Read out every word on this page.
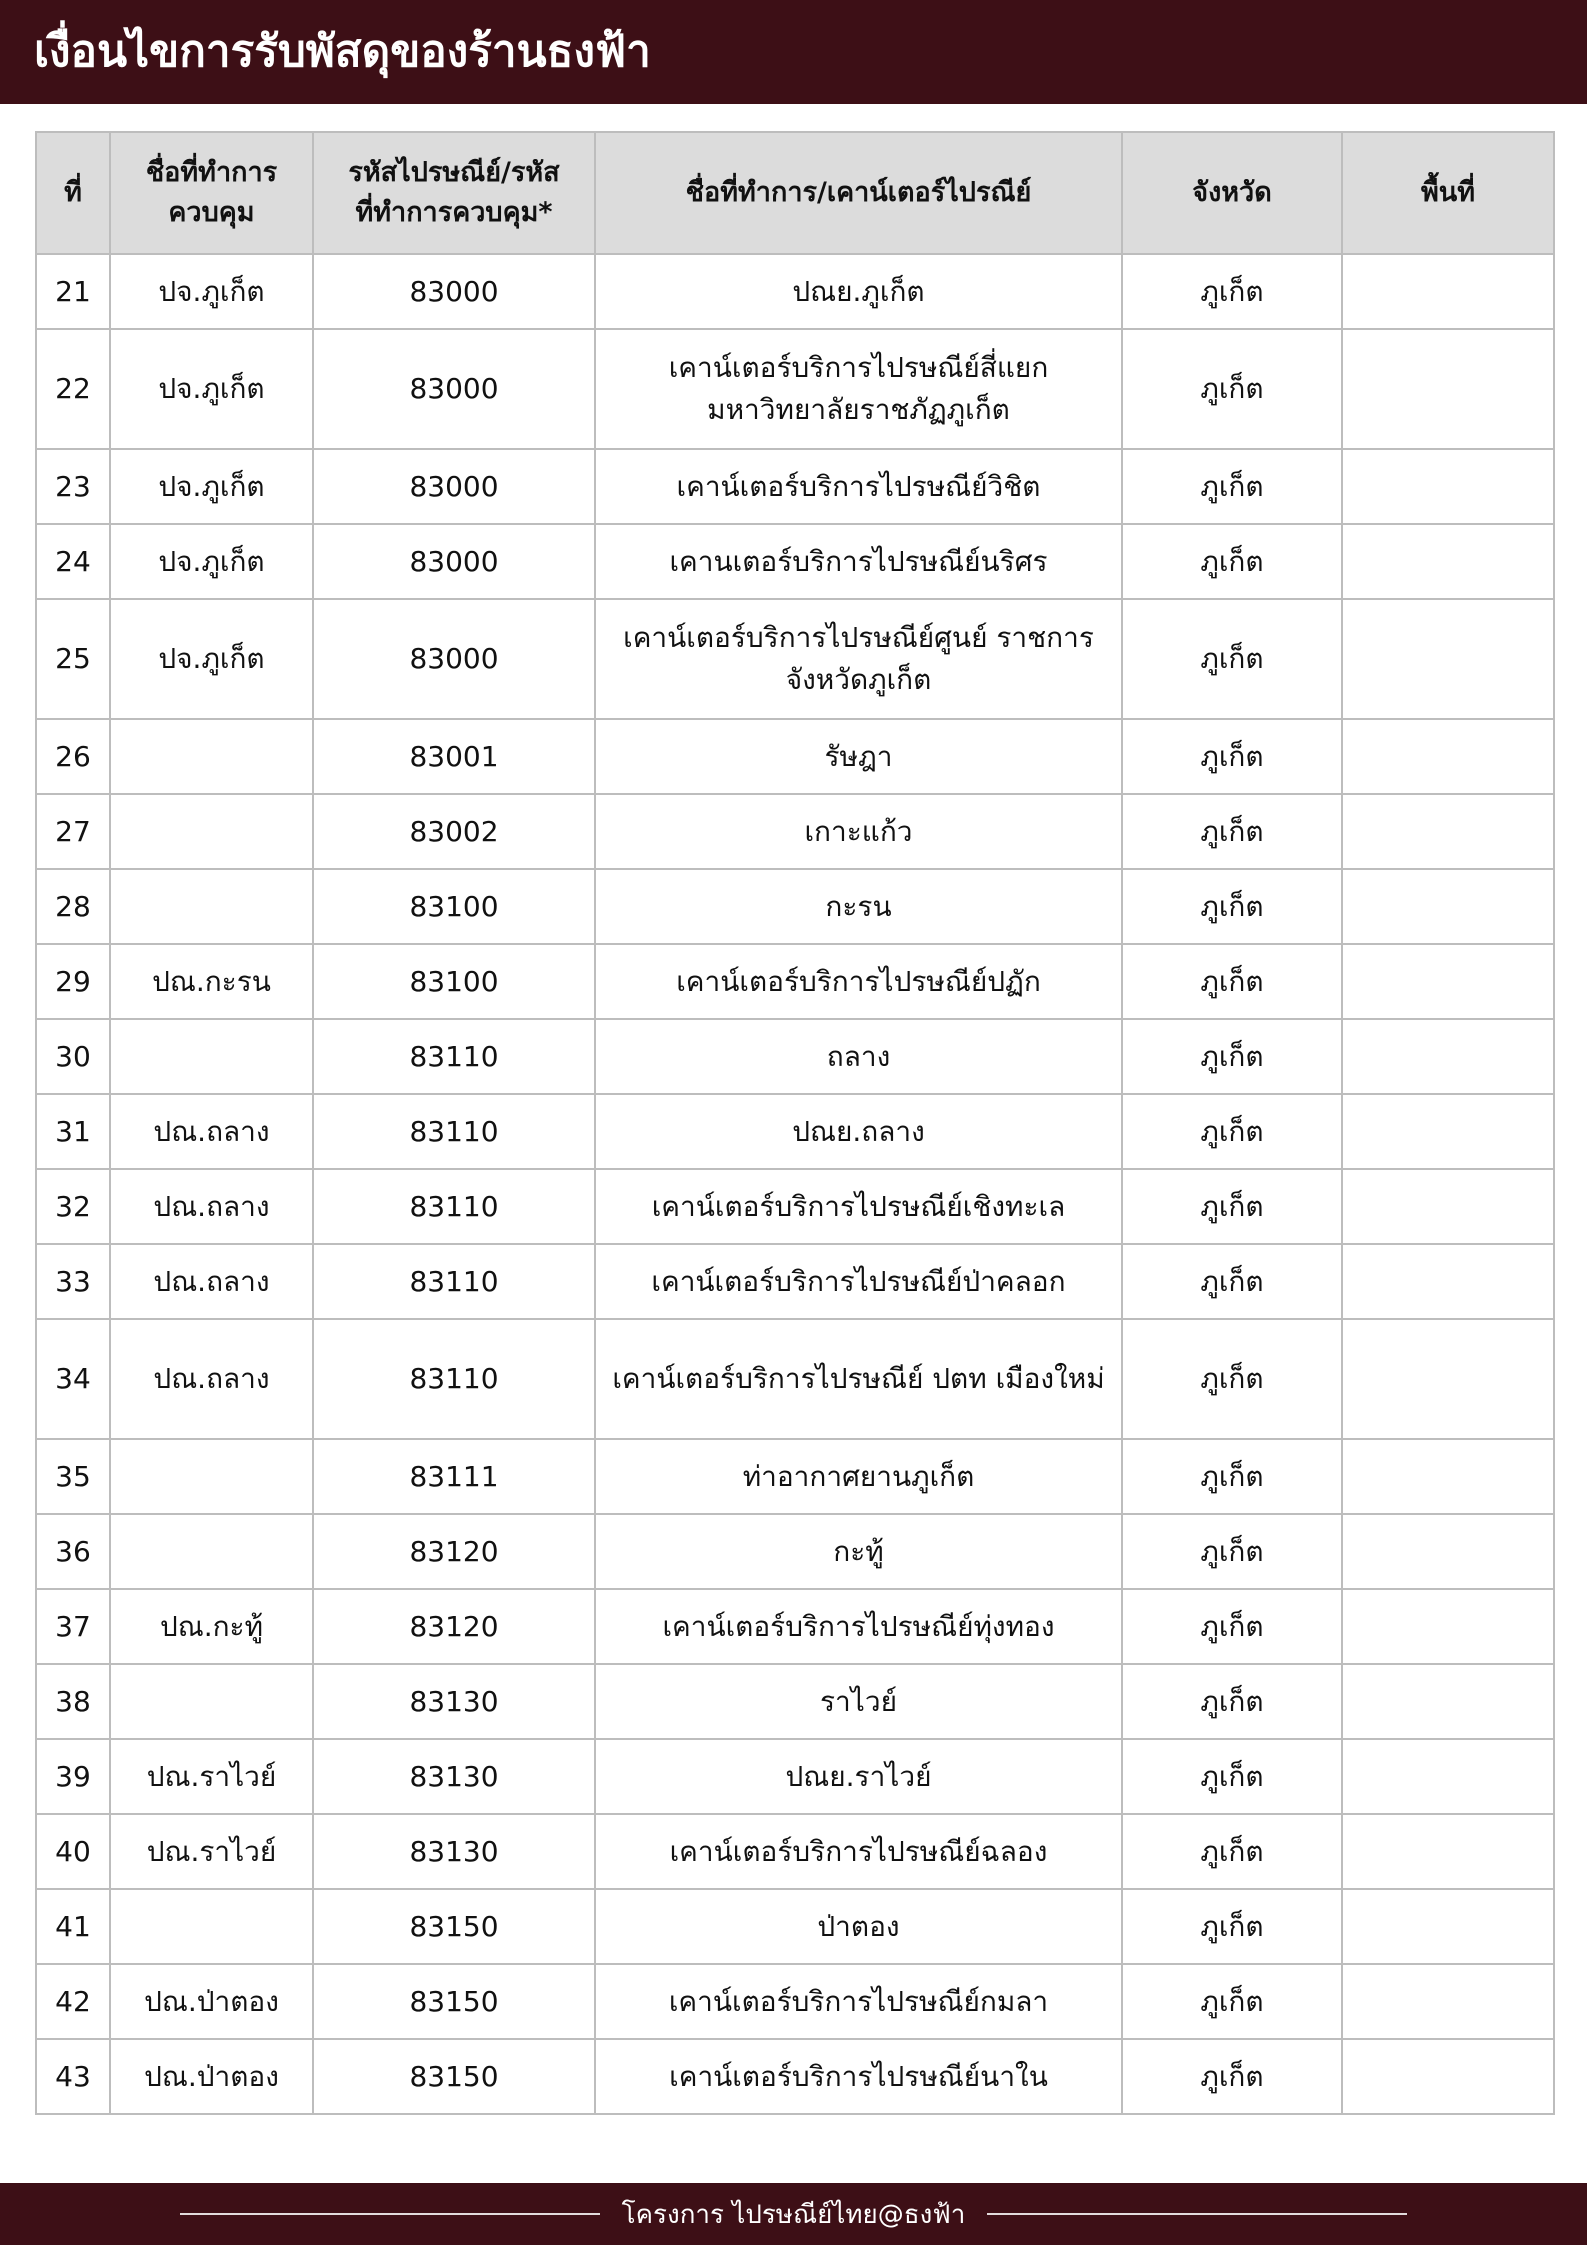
เงื่อนไขการรับพัสดุของร้านธงฟ้า
ที่	ชื่อที่ทำการ ควบคุม	รหัสไปรษณีย์/รหัส ที่ทำการควบคุม*	ชื่อที่ทำการ/เคาน์เตอร์ไปรณีย์	จังหวัด	พื้นที่
21	ปจ.ภูเก็ต	83000	ปณย.ภูเก็ต	ภูเก็ต	
22	ปจ.ภูเก็ต	83000	เคาน์เตอร์บริการไปรษณีย์สี่แยก มหาวิทยาลัยราชภัฏภูเก็ต	ภูเก็ต	
23	ปจ.ภูเก็ต	83000	เคาน์เตอร์บริการไปรษณีย์วิชิต	ภูเก็ต	
24	ปจ.ภูเก็ต	83000	เคานเตอร์บริการไปรษณีย์นริศร	ภูเก็ต	
25	ปจ.ภูเก็ต	83000	เคาน์เตอร์บริการไปรษณีย์ศูนย์ ราชการจังหวัดภูเก็ต	ภูเก็ต	
26		83001	รัษฎา	ภูเก็ต	
27		83002	เกาะแก้ว	ภูเก็ต	
28		83100	กะรน	ภูเก็ต	
29	ปณ.กะรน	83100	เคาน์เตอร์บริการไปรษณีย์ปฏัก	ภูเก็ต	
30		83110	ถลาง	ภูเก็ต	
31	ปณ.ถลาง	83110	ปณย.ถลาง	ภูเก็ต	
32	ปณ.ถลาง	83110	เคาน์เตอร์บริการไปรษณีย์เชิงทะเล	ภูเก็ต	
33	ปณ.ถลาง	83110	เคาน์เตอร์บริการไปรษณีย์ป่าคลอก	ภูเก็ต	
34	ปณ.ถลาง	83110	เคาน์เตอร์บริการไปรษณีย์ ปตท เมืองใหม่	ภูเก็ต	
35		83111	ท่าอากาศยานภูเก็ต	ภูเก็ต	
36		83120	กะทู้	ภูเก็ต	
37	ปณ.กะทู้	83120	เคาน์เตอร์บริการไปรษณีย์ทุ่งทอง	ภูเก็ต	
38		83130	ราไวย์	ภูเก็ต	
39	ปณ.ราไวย์	83130	ปณย.ราไวย์	ภูเก็ต	
40	ปณ.ราไวย์	83130	เคาน์เตอร์บริการไปรษณีย์ฉลอง	ภูเก็ต	
41		83150	ป่าตอง	ภูเก็ต	
42	ปณ.ป่าตอง	83150	เคาน์เตอร์บริการไปรษณีย์กมลา	ภูเก็ต	
43	ปณ.ป่าตอง	83150	เคาน์เตอร์บริการไปรษณีย์นาใน	ภูเก็ต	
โครงการ ไปรษณีย์ไทย@ธงฟ้า
